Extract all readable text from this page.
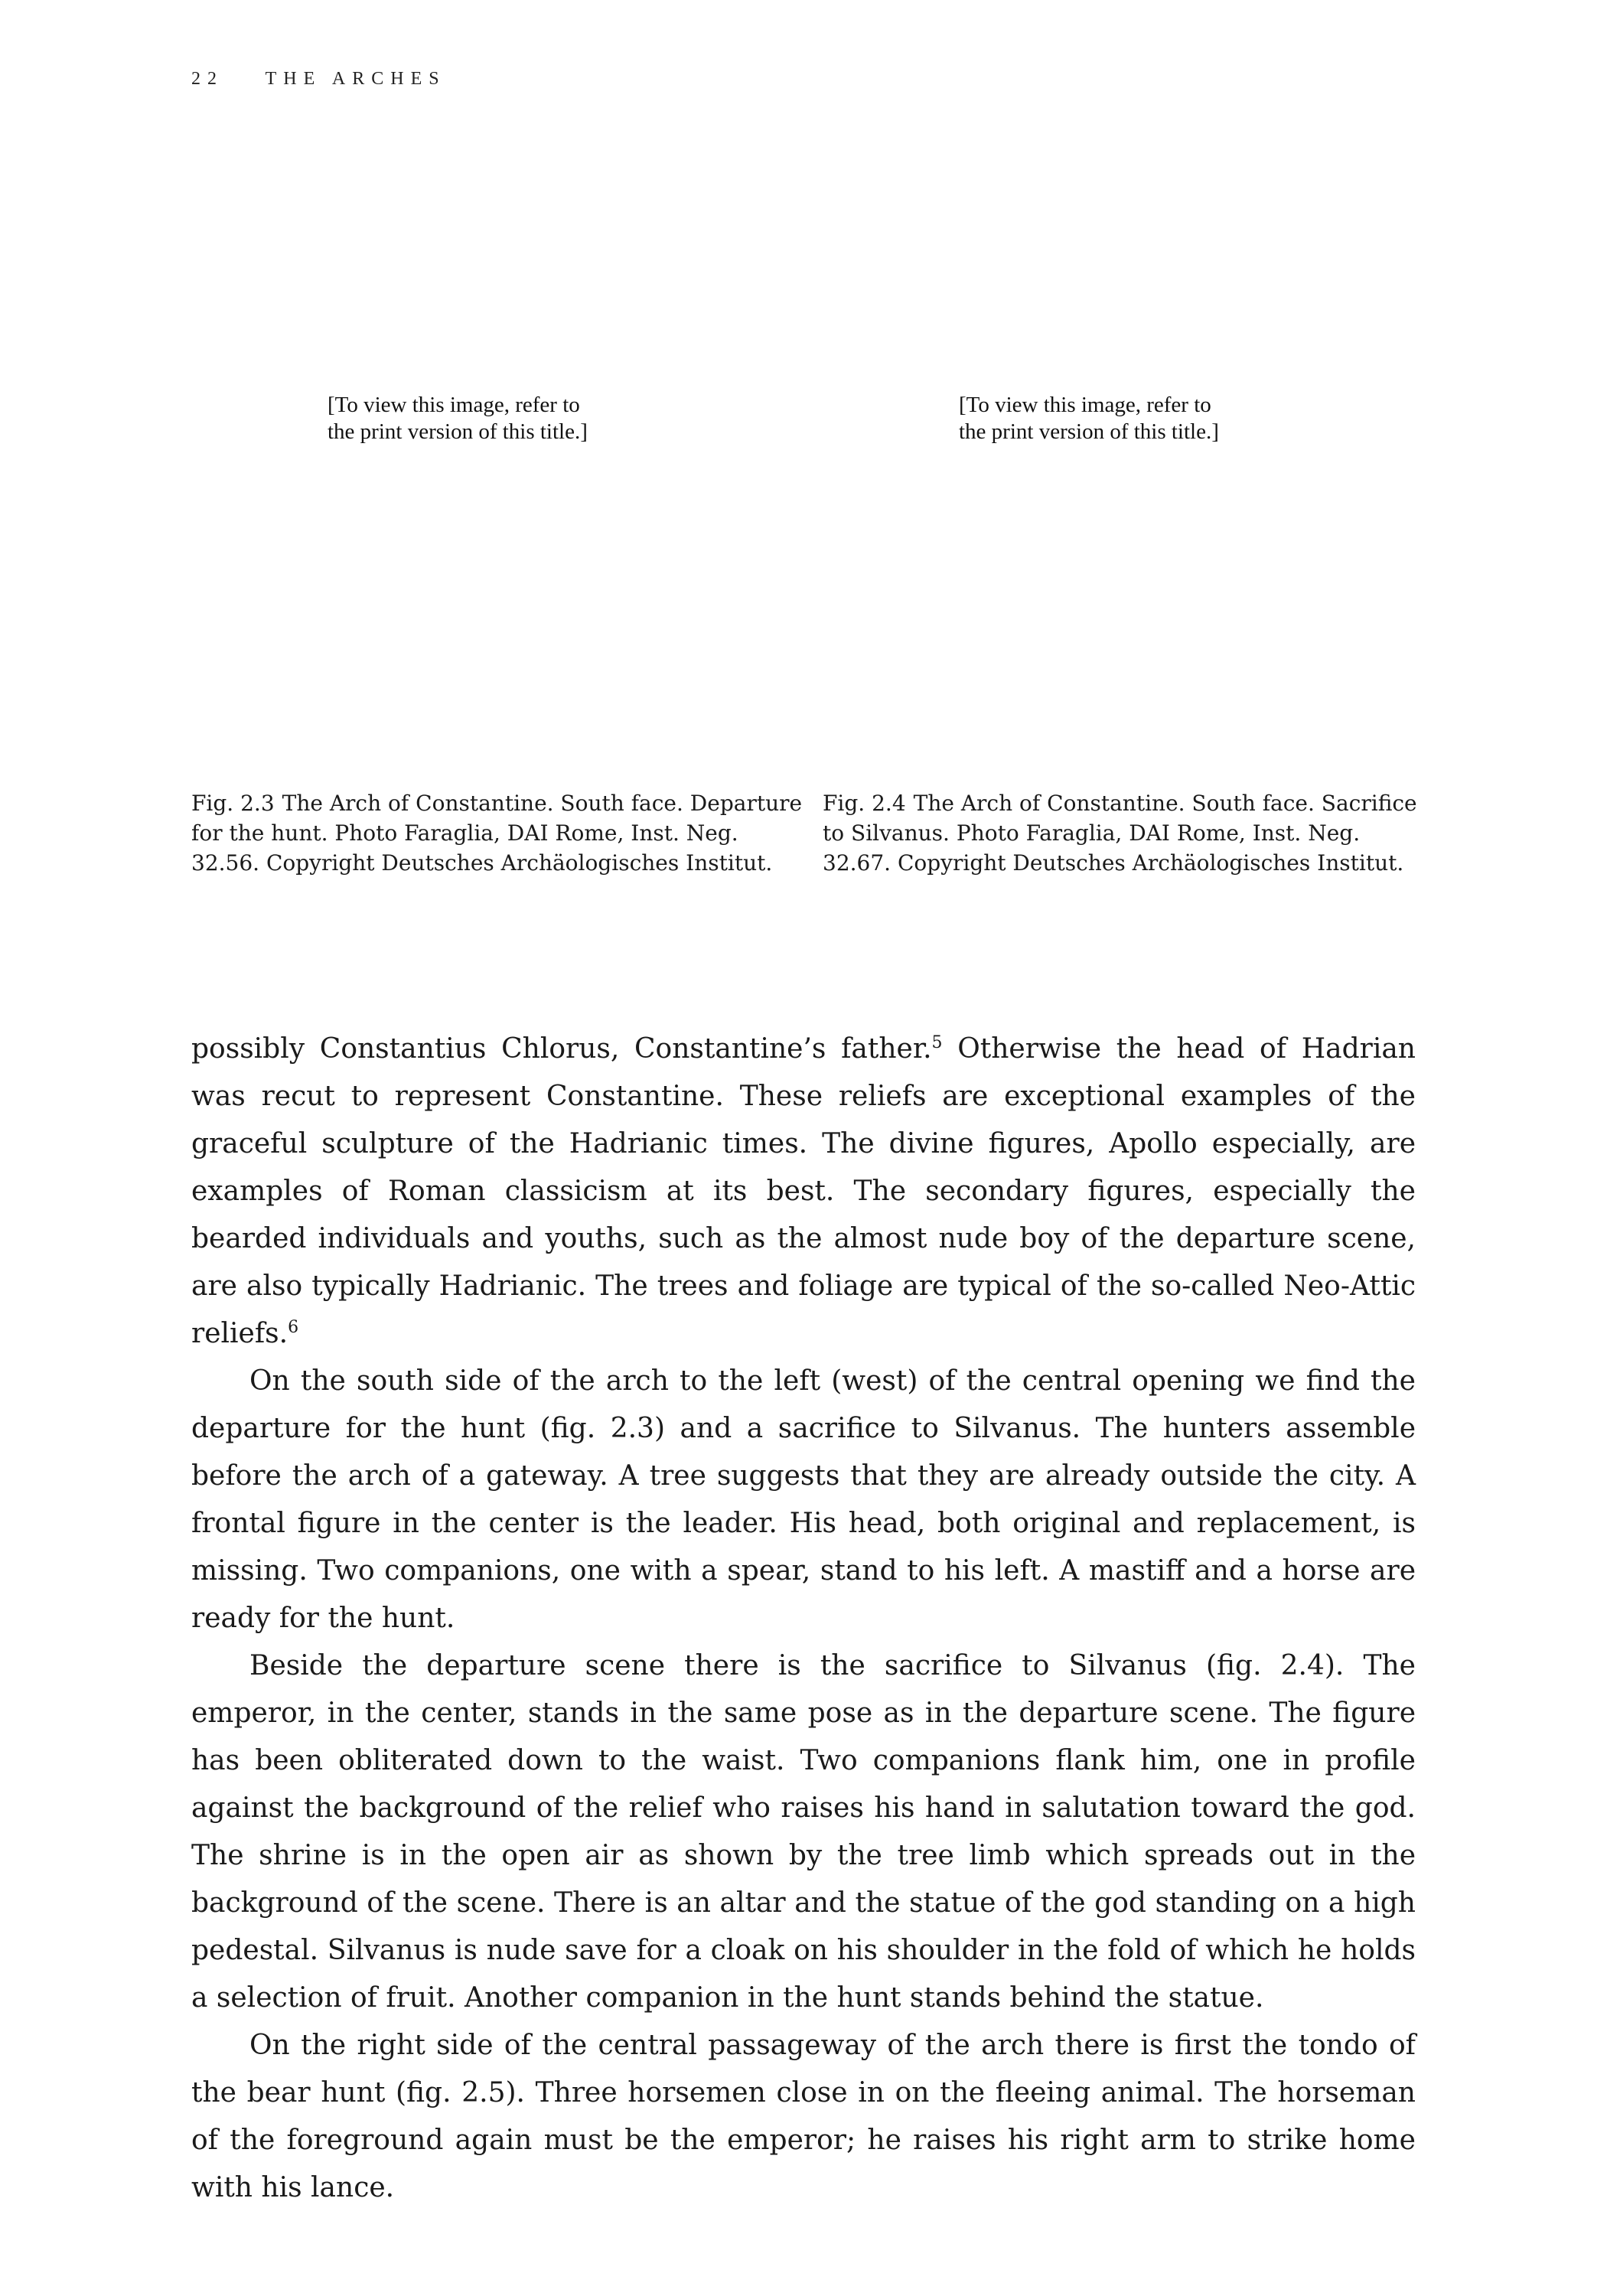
22 THE ARCHES
[To view this image, refer to
the print version of this title.]
[To view this image, refer to
the print version of this title.]
Fig. 2.3 The Arch of Constantine. South face. Departure for the hunt. Photo Faraglia, DAI Rome, Inst. Neg. 32.56. Copyright Deutsches Archäologisches Institut.
Fig. 2.4 The Arch of Constantine. South face. Sacrifice to Silvanus. Photo Faraglia, DAI Rome, Inst. Neg. 32.67. Copyright Deutsches Archäologisches Institut.

possibly Constantius Chlorus, Constantine’s father.$^5$ Otherwise the head of Hadrian was recut to represent Constantine. These reliefs are exceptional examples of the graceful sculpture of the Hadrianic times. The divine figures, Apollo especially, are examples of Roman classicism at its best. The secondary figures, especially the bearded individuals and youths, such as the almost nude boy of the departure scene, are also typically Hadrianic. The trees and foliage are typical of the so-called Neo-Attic reliefs.$^6$

On the south side of the arch to the left (west) of the central opening we find the departure for the hunt (fig. 2.3) and a sacrifice to Silvanus. The hunters assemble before the arch of a gateway. A tree suggests that they are already outside the city. A frontal figure in the center is the leader. His head, both original and replacement, is missing. Two companions, one with a spear, stand to his left. A mastiff and a horse are ready for the hunt.

Beside the departure scene there is the sacrifice to Silvanus (fig. 2.4). The emperor, in the center, stands in the same pose as in the departure scene. The figure has been obliterated down to the waist. Two companions flank him, one in profile against the background of the relief who raises his hand in salutation toward the god. The shrine is in the open air as shown by the tree limb which spreads out in the background of the scene. There is an altar and the statue of the god standing on a high pedestal. Silvanus is nude save for a cloak on his shoulder in the fold of which he holds a selection of fruit. Another companion in the hunt stands behind the statue.

On the right side of the central passageway of the arch there is first the tondo of the bear hunt (fig. 2.5). Three horsemen close in on the fleeing animal. The horseman of the foreground again must be the emperor; he raises his right arm to strike home with his lance.
